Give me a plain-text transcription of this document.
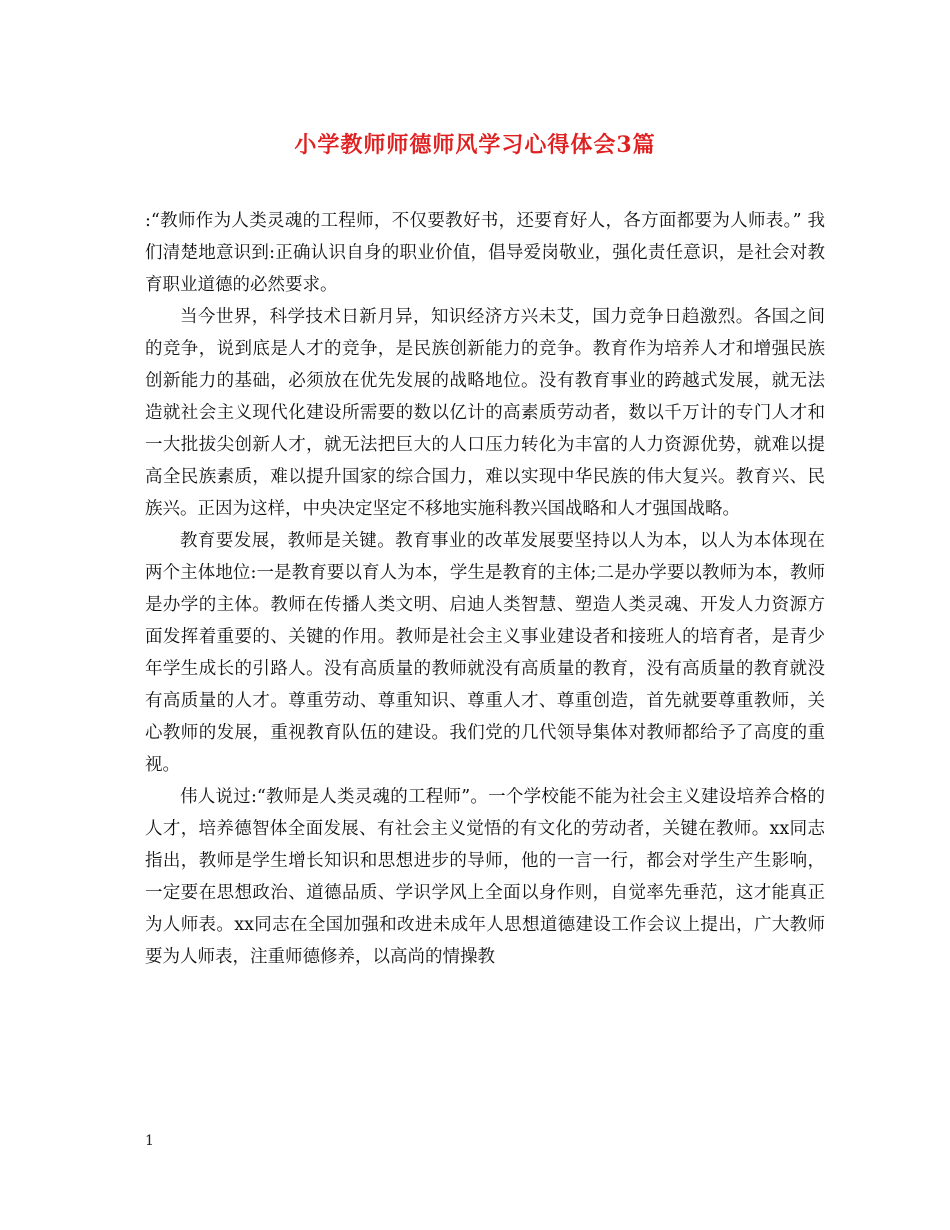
小学教师师德师风学习心得体会3篇

:“教师作为人类灵魂的工程师，不仅要教好书，还要育好人，各方面都要为人师表。” 我们清楚地意识到:正确认识自身的职业价值，倡导爱岗敬业，强化责任意识，是社会对教育职业道德的必然要求。

当今世界，科学技术日新月异，知识经济方兴未艾，国力竞争日趋激烈。各国之间的竞争，说到底是人才的竞争，是民族创新能力的竞争。教育作为培养人才和增强民族创新能力的基础，必须放在优先发展的战略地位。没有教育事业的跨越式发展，就无法造就社会主义现代化建设所需要的数以亿计的高素质劳动者，数以千万计的专门人才和一大批拔尖创新人才，就无法把巨大的人口压力转化为丰富的人力资源优势，就难以提高全民族素质，难以提升国家的综合国力，难以实现中华民族的伟大复兴。教育兴、民族兴。正因为这样，中央决定坚定不移地实施科教兴国战略和人才强国战略。

教育要发展，教师是关键。教育事业的改革发展要坚持以人为本，以人为本体现在两个主体地位:一是教育要以育人为本，学生是教育的主体;二是办学要以教师为本，教师是办学的主体。教师在传播人类文明、启迪人类智慧、塑造人类灵魂、开发人力资源方面发挥着重要的、关键的作用。教师是社会主义事业建设者和接班人的培育者，是青少年学生成长的引路人。没有高质量的教师就没有高质量的教育，没有高质量的教育就没有高质量的人才。尊重劳动、尊重知识、尊重人才、尊重创造，首先就要尊重教师，关心教师的发展，重视教育队伍的建设。我们党的几代领导集体对教师都给予了高度的重视。

伟人说过:“教师是人类灵魂的工程师”。一个学校能不能为社会主义建设培养合格的人才，培养德智体全面发展、有社会主义觉悟的有文化的劳动者，关键在教师。xx同志指出，教师是学生增长知识和思想进步的导师，他的一言一行，都会对学生产生影响，一定要在思想政治、道德品质、学识学风上全面以身作则，自觉率先垂范，这才能真正为人师表。xx同志在全国加强和改进未成年人思想道德建设工作会议上提出，广大教师要为人师表，注重师德修养，以高尚的情操教

1
